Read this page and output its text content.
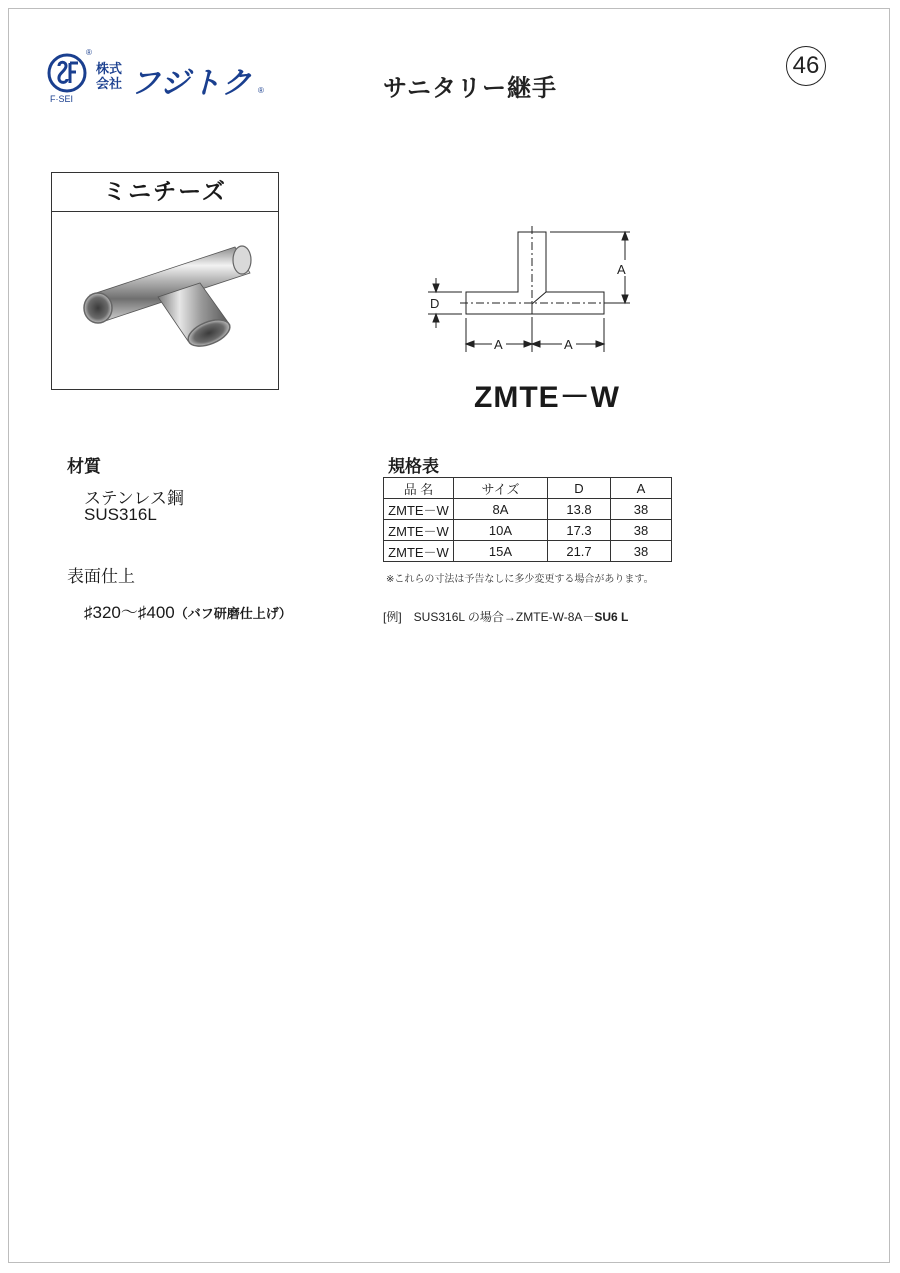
®
F·SEI
株式会社 フジトク ®	サニタリー継手
46
ミニチーズ
A
D
A	A
ZMTE－W
材質
ステンレス鋼
SUS316L
表面仕上
♯320～♯400（バフ研磨仕上げ）
規格表
品 名	サイズ	D	A
ZMTE－W	8A	13.8	38
ZMTE－W	10A	17.3	38
ZMTE－W	15A	21.7	38
※これらの寸法は予告なしに多少変更する場合があります。
[例]　SUS316L の場合→ZMTE-W-8A－SU6 L
